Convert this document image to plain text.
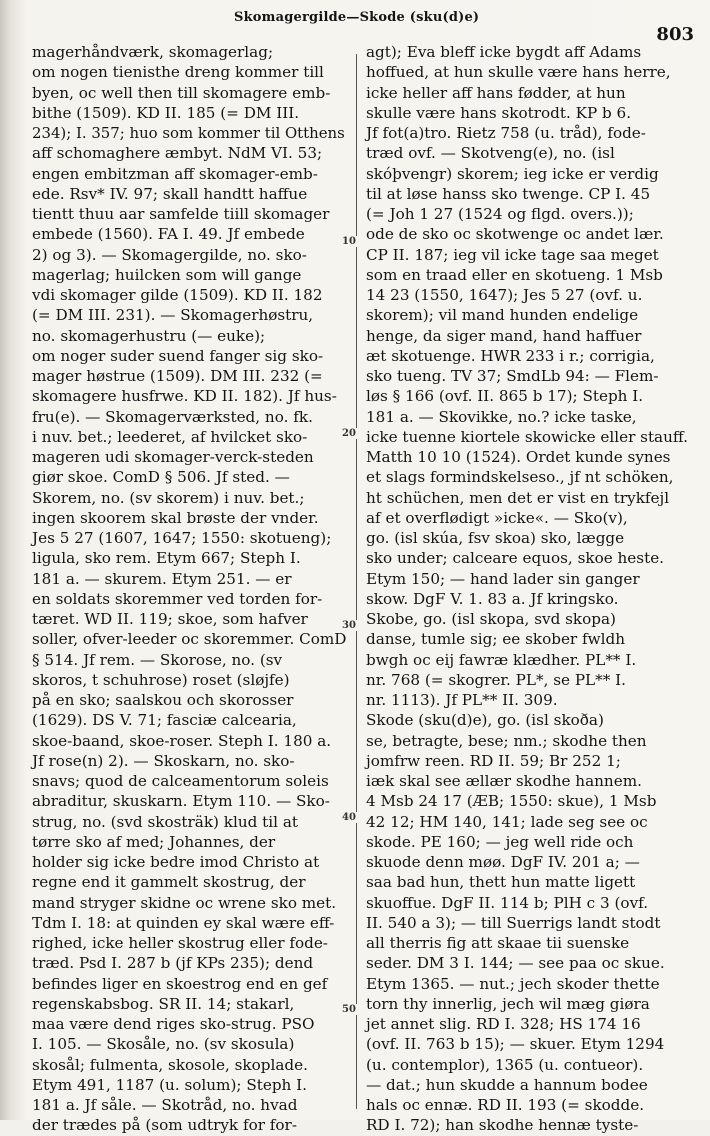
Skomagergilde—Skode (sku(d)e)
803
10
20
30
40
50
magerhåndværk, skomagerlag;
om nogen tienisthe dreng kommer till
byen, oc well then till skomagere emb-
bithe (1509). KD II. 185 (= DM III.
234); I. 357; huo som kommer til Otthens
aff schomaghere æmbyt. NdM VI. 53;
engen embitzman aff skomager-emb-
ede. Rsv* IV. 97; skall handtt haffue
tientt thuu aar samfelde tiill skomager
embede (1560). FA I. 49. Jf embede
2) og 3). — Skomagergilde, no. sko-
magerlag; huilcken som will gange
vdi skomager gilde (1509). KD II. 182
(= DM III. 231). — Skomagerhøstru,
no. skomagerhustru (— euke);
om noger suder suend fanger sig sko-
mager høstrue (1509). DM III. 232 (=
skomagere husfrwe. KD II. 182). Jf hus-
fru(e). — Skomagerværksted, no. fk.
i nuv. bet.; leederet, af hvilcket sko-
mageren udi skomager-verck-steden
giør skoe. ComD § 506. Jf sted. —
Skorem, no. (sv skorem) i nuv. bet.;
ingen skoorem skal brøste der vnder.
Jes 5 27 (1607, 1647; 1550: skotueng);
ligula, sko rem. Etym 667; Steph I.
181 a. — skurem. Etym 251. — er
en soldats skoremmer ved torden for-
tæret. WD II. 119; skoe, som hafver
soller, ofver-leeder oc skoremmer. ComD
§ 514. Jf rem. — Skorose, no. (sv
skoros, t schuhrose) roset (sløjfe)
på en sko; saalskou och skorosser
(1629). DS V. 71; fasciæ calcearia,
skoe-baand, skoe-roser. Steph I. 180 a.
Jf rose(n) 2). — Skoskarn, no. sko-
snavs; quod de calceamentorum soleis
abraditur, skuskarn. Etym 110. — Sko-
strug, no. (svd skosträk) klud til at
tørre sko af med; Johannes, der
holder sig icke bedre imod Christo at
regne end it gammelt skostrug, der
mand stryger skidne oc wrene sko met.
Tdm I. 18: at quinden ey skal wære eff-
righed, icke heller skostrug eller fode-
træd. Psd I. 287 b (jf KPs 235); dend
befindes liger en skoestrog end en gef
regenskabsbog. SR II. 14; stakarl,
maa være dend riges sko-strug. PSO
I. 105. — Skosåle, no. (sv skosula)
skosål; fulmenta, skosole, skoplade.
Etym 491, 1187 (u. solum); Steph I.
181 a. Jf såle. — Skotråd, no. hvad
der trædes på (som udtryk for for-
agt); Eva bleff icke bygdt aff Adams
hoffued, at hun skulle være hans herre,
icke heller aff hans fødder, at hun
skulle være hans skotrodt. KP b 6.
Jf fot(a)tro. Rietz 758 (u. tråd), fode-
træd ovf. — Skotveng(e), no. (isl
skóþvengr) skorem; ieg icke er verdig
til at løse hanss sko twenge. CP I. 45
(= Joh 1 27 (1524 og flgd. overs.));
ode de sko oc skotwenge oc andet lær.
CP II. 187; ieg vil icke tage saa meget
som en traad eller en skotueng. 1 Msb
14 23 (1550, 1647); Jes 5 27 (ovf. u.
skorem); vil mand hunden endelige
henge, da siger mand, hand haffuer
æt skotuenge. HWR 233 i r.; corrigia,
sko tueng. TV 37; SmdLb 94: — Flem-
løs § 166 (ovf. II. 865 b 17); Steph I.
181 a. — Skovikke, no.? icke taske,
icke tuenne kiortele skowicke eller stauff.
Matth 10 10 (1524). Ordet kunde synes
et slags formindskelseso., jf nt schöken,
ht schüchen, men det er vist en trykfejl
af et overflødigt »icke«. — Sko(v),
go. (isl skúa, fsv skoa) sko, lægge
sko under; calceare equos, skoe heste.
Etym 150; — hand lader sin ganger
skow. DgF V. 1. 83 a. Jf kringsko.
Skobe, go. (isl skopa, svd skopa)
danse, tumle sig; ee skober fwldh
bwgh oc eij fawræ klædher. PL** I.
nr. 768 (= skogrer. PL*, se PL** I.
nr. 1113). Jf PL** II. 309.
Skode (sku(d)e), go. (isl skoða)
se, betragte, bese; nm.; skodhe then
jomfrw reen. RD II. 59; Br 252 1;
iæk skal see ællær skodhe hannem.
4 Msb 24 17 (ÆB; 1550: skue), 1 Msb
42 12; HM 140, 141; lade seg see oc
skode. PE 160; — jeg well ride och
skuode denn møø. DgF IV. 201 a; —
saa bad hun, thett hun matte ligett
skuoffue. DgF II. 114 b; PlH c 3 (ovf.
II. 540 a 3); — till Suerrigs landt stodt
all therris fig att skaae tii suenske
seder. DM 3 I. 144; — see paa oc skue.
Etym 1365. — nut.; jech skoder thette
torn thy innerlig, jech wil mæg giøra
jet annet slig. RD I. 328; HS 174 16
(ovf. II. 763 b 15); — skuer. Etym 1294
(u. contemplor), 1365 (u. contueor).
— dat.; hun skudde a hannum bodee
hals oc ennæ. RD II. 193 (= skodde.
RD I. 72); han skodhe hennæ tyste-
